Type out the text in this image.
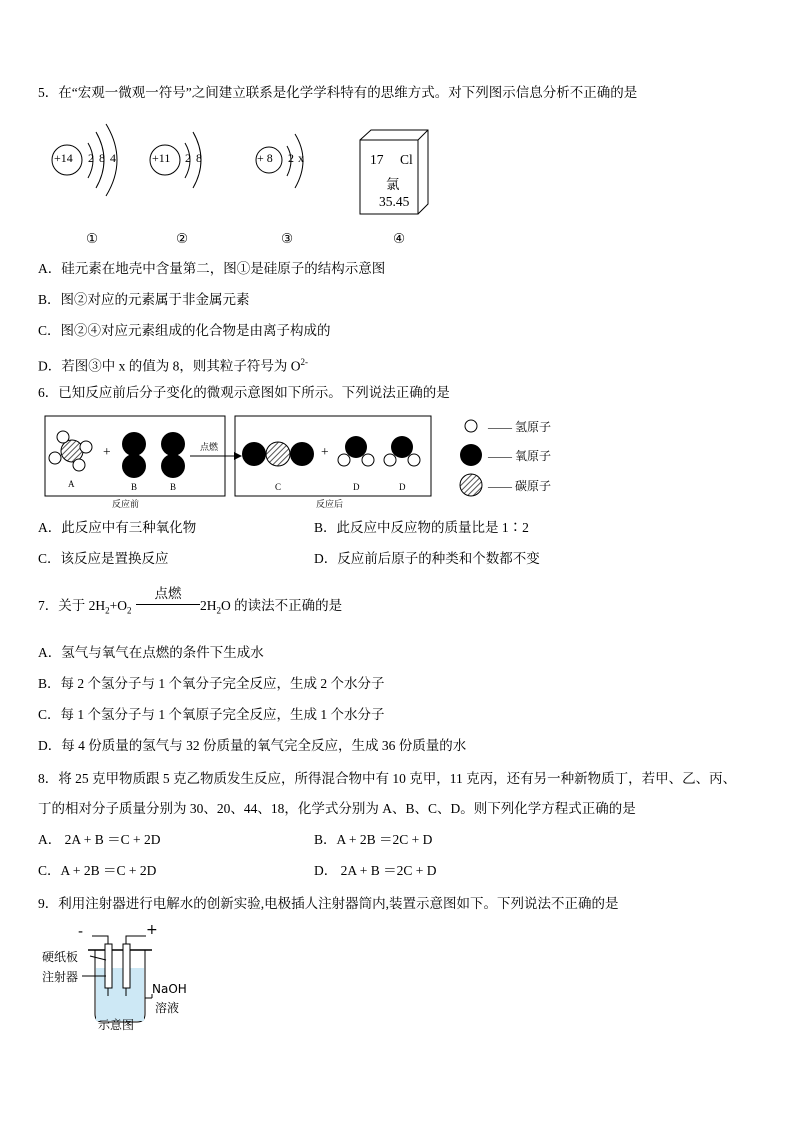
5．在“宏观一微观一符号”之间建立联系是化学学科特有的思维方式。对下列图示信息分析不正确的是
+14 2 8 4
①
+11 2 8
②
+ 8 2 x
③
17 Cl
氯
35.45
④
A．硅元素在地壳中含量第二，图①是硅原子的结构示意图
B．图②对应的元素属于非金属元素
C．图②④对应元素组成的化合物是由离子构成的
D．若图③中 x 的值为 8，则其粒子符号为 $O^{2-}$
6．已知反应前后分子变化的微观示意图如下所示。下列说法正确的是
点燃
+	+
A	B	B	C	D	D
反应前	反应后
—— 氢原子
—— 氧原子
—— 碳原子
A．此反应中有三种氧化物	B．此反应中反应物的质量比是 1∶2
C．该反应是置换反应	D．反应前后原子的种类和个数都不变
7．关于 $2H_2+O_2$
点燃
$2H_2O$ 的读法不正确的是
A．氢气与氧气在点燃的条件下生成水
B．每 2 个氢分子与 1 个氧分子完全反应，生成 2 个水分子
C．每 1 个氢分子与 1 个氧原子完全反应，生成 1 个水分子
D．每 4 份质量的氢气与 32 份质量的氧气完全反应，生成 36 份质量的水
8．将 25 克甲物质跟 5 克乙物质发生反应，所得混合物中有 10 克甲，11 克丙，还有另一种新物质丁，若甲、乙、丙、
丁的相对分子质量分别为 30、20、44、18，化学式分别为 A、B、C、D。则下列化学方程式正确的是
A． 2A + B ＝C + 2D	B．A + 2B ＝2C + D
C．A + 2B ＝C + 2D	D． 2A + B ＝2C + D
9．利用注射器进行电解水的创新实验,电极插人注射器筒内,装置示意图如下。下列说法不正确的是
-	+
硬纸板
注射器
NaOH
溶液
示意图
